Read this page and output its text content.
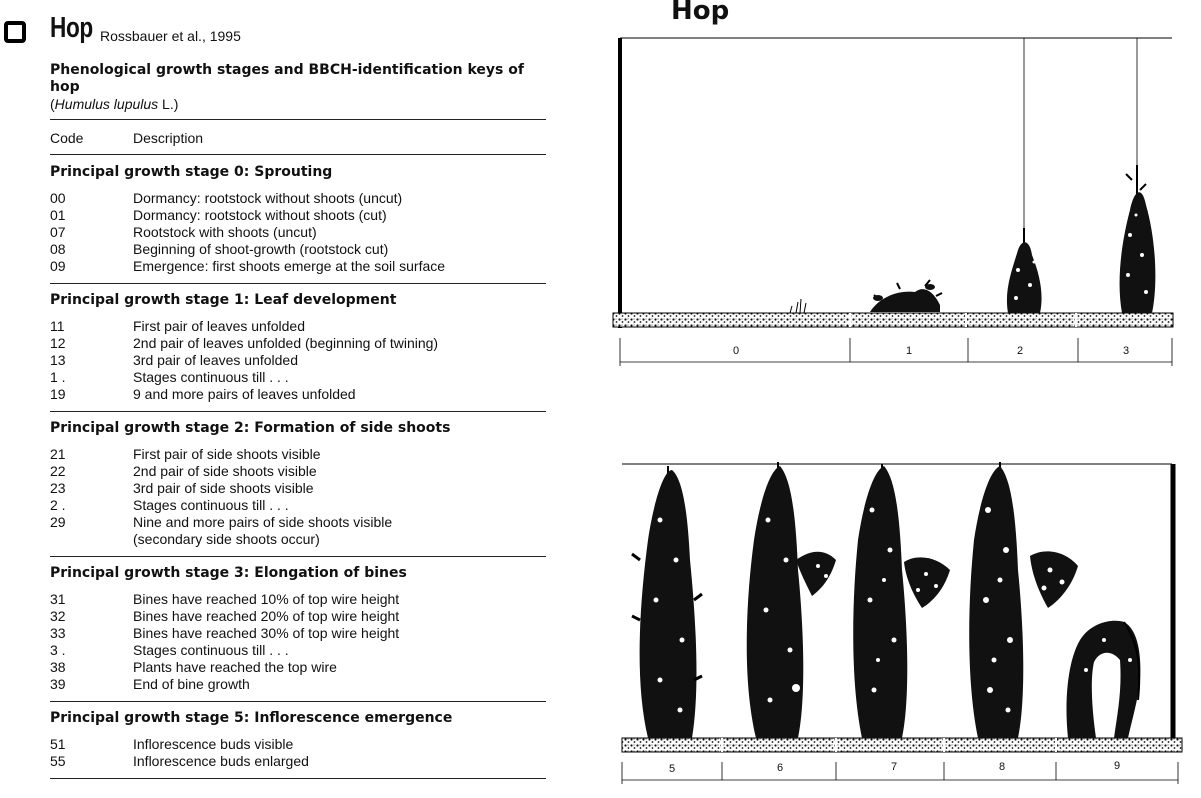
Hop Rossbauer et al., 1995
Phenological growth stages and BBCH-identification keys of hop
(Humulus lupulus L.)
Code	Description
Principal growth stage 0: Sprouting
00	Dormancy: rootstock without shoots (uncut)
01	Dormancy: rootstock without shoots (cut)
07	Rootstock with shoots (uncut)
08	Beginning of shoot-growth (rootstock cut)
09	Emergence: first shoots emerge at the soil surface
Principal growth stage 1: Leaf development
11	First pair of leaves unfolded
12	2nd pair of leaves unfolded (beginning of twining)
13	3rd pair of leaves unfolded
1 .	Stages continuous till . . .
19	9 and more pairs of leaves unfolded
Principal growth stage 2: Formation of side shoots
21	First pair of side shoots visible
22	2nd pair of side shoots visible
23	3rd pair of side shoots visible
2 .	Stages continuous till . . .
29	Nine and more pairs of side shoots visible
(secondary side shoots occur)
Principal growth stage 3: Elongation of bines
31	Bines have reached 10% of top wire height
32	Bines have reached 20% of top wire height
33	Bines have reached 30% of top wire height
3 .	Stages continuous till . . .
38	Plants have reached the top wire
39	End of bine growth
Principal growth stage 5: Inflorescence emergence
51	Inflorescence buds visible
55	Inflorescence buds enlarged
Hop
0	1	2	3
5	6	7	8	9
